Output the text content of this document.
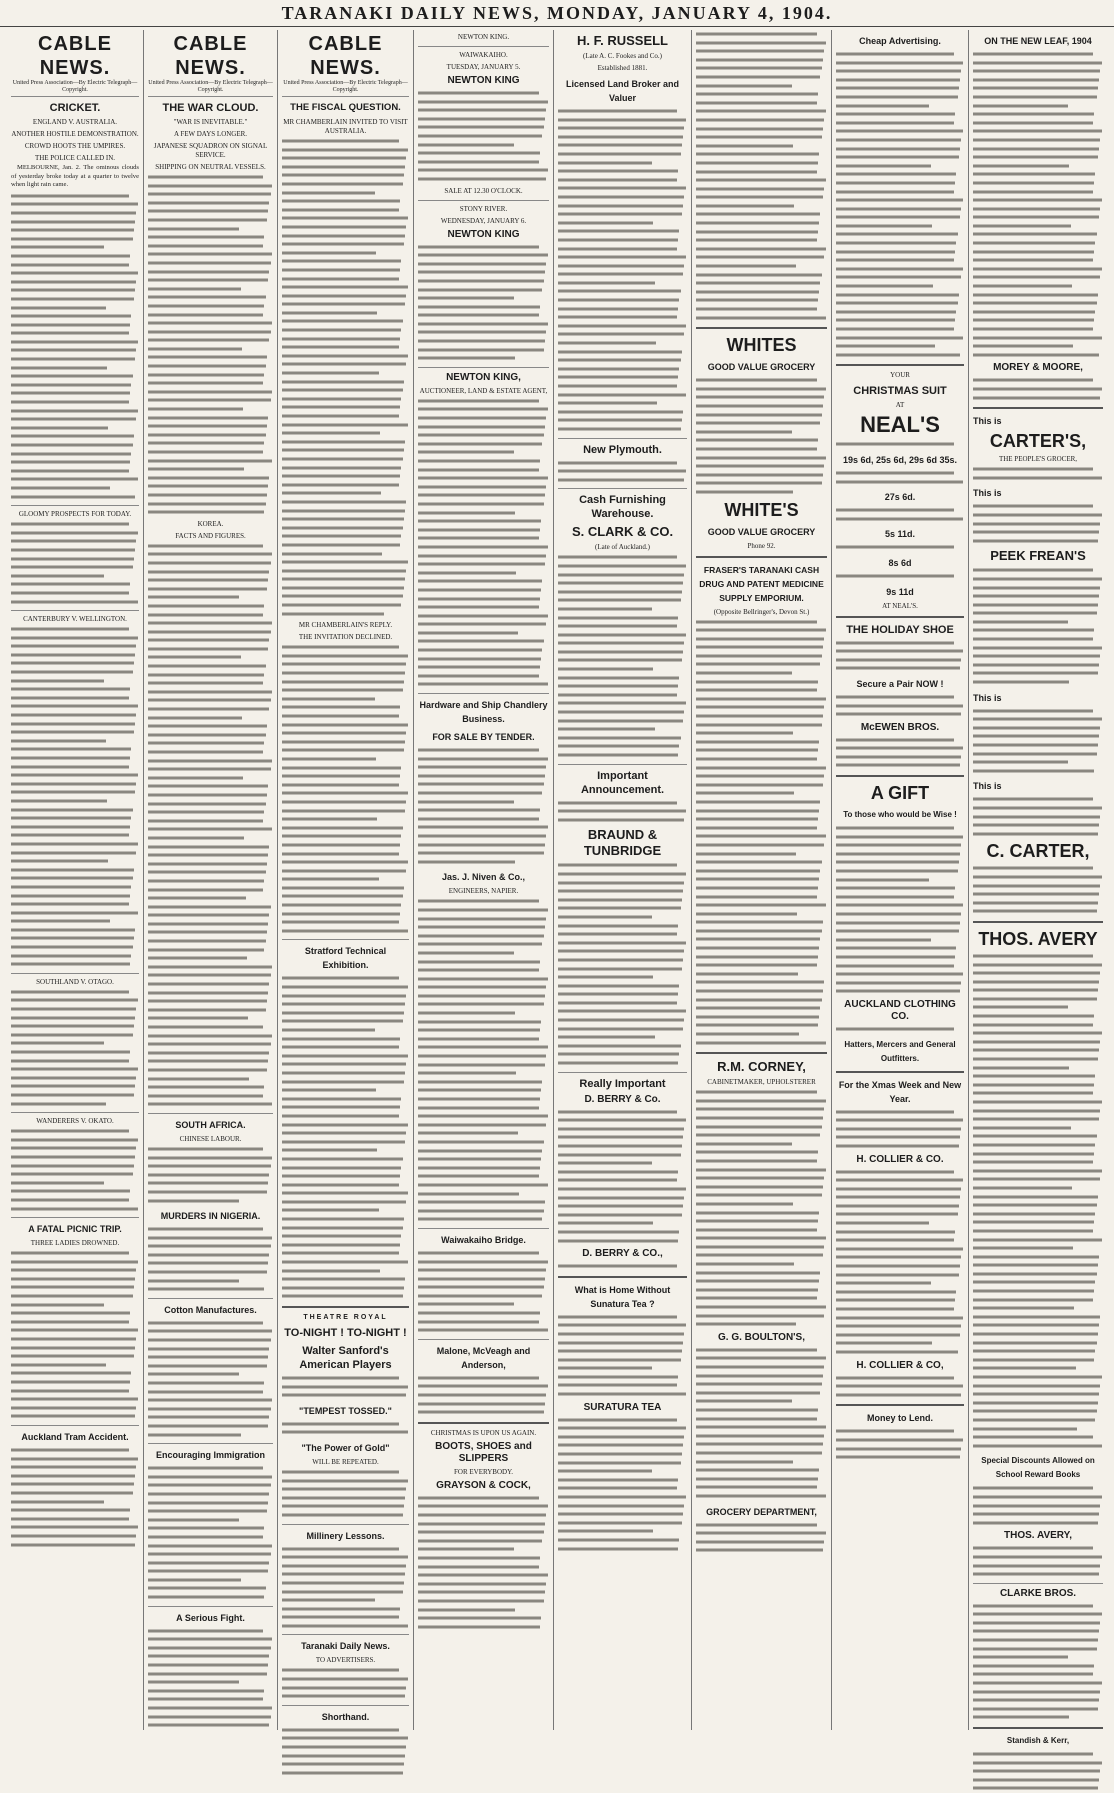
TARANAKI DAILY NEWS, MONDAY, JANUARY 4, 1904.
CABLE NEWS.
United Press Association—By Electric Telegraph—Copyright.
CRICKET.
ENGLAND V. AUSTRALIA.
ANOTHER HOSTILE DEMONSTRATION.
CROWD HOOTS THE UMPIRES.
THE POLICE CALLED IN.

MELBOURNE, Jan. 2. The ominous clouds of yesterday broke today at a quarter to twelve when light rain came.

GLOOMY PROSPECTS FOR TODAY.
CANTERBURY V. WELLINGTON.
SOUTHLAND V. OTAGO.
WANDERERS V. OKATO.
A FATAL PICNIC TRIP.
THREE LADIES DROWNED.
Auckland Tram Accident.
CABLE NEWS.
United Press Association—By Electric Telegraph—Copyright.
THE WAR CLOUD.
"WAR IS INEVITABLE."
A FEW DAYS LONGER.
JAPANESE SQUADRON ON SIGNAL SERVICE.
SHIPPING ON NEUTRAL VESSELS.
KOREA.
FACTS AND FIGURES.
SOUTH AFRICA.
CHINESE LABOUR.
MURDERS IN NIGERIA.
Cotton Manufactures.
Encouraging Immigration
A Serious Fight.
CABLE NEWS.
United Press Association—By Electric Telegraph—Copyright.
THE FISCAL QUESTION.
MR CHAMBERLAIN INVITED TO VISIT AUSTRALIA.
MR CHAMBERLAIN'S REPLY.
THE INVITATION DECLINED.
Stratford Technical Exhibition.
THEATRE ROYAL
TO-NIGHT ! TO-NIGHT !
Walter Sanford's American Players
"TEMPEST TOSSED."
"The Power of Gold"
WILL BE REPEATED.
Millinery Lessons.
Taranaki Daily News.
TO ADVERTISERS.
Shorthand.
NEWTON KING.
WAIWAKAIHO.
TUESDAY, JANUARY 5.
NEWTON KING
SALE AT 12.30 O'CLOCK.
STONY RIVER.
WEDNESDAY, JANUARY 6.
NEWTON KING
NEWTON KING,
AUCTIONEER, LAND & ESTATE AGENT,
Hardware and Ship Chandlery Business.
FOR SALE BY TENDER.
Jas. J. Niven & Co.,
ENGINEERS, NAPIER.
Waiwakaiho Bridge.
Malone, McVeagh and Anderson,
CHRISTMAS IS UPON US AGAIN.
BOOTS, SHOES and SLIPPERS
FOR EVERYBODY.
GRAYSON & COCK,
H. F. RUSSELL
(Late A. C. Fookes and Co.)
Established 1881.
Licensed Land Broker and Valuer
New Plymouth.
Cash Furnishing Warehouse.
S. CLARK & CO.
(Late of Auckland.)
Important Announcement.
BRAUND & TUNBRIDGE
Really Important
D. BERRY & Co.
D. BERRY & CO.,
What is Home Without Sunatura Tea ?
SURATURA TEA
WHITES
GOOD VALUE GROCERY
WHITE'S
GOOD VALUE GROCERY
Phone 92.
FRASER'S TARANAKI CASH DRUG AND PATENT MEDICINE SUPPLY EMPORIUM.
(Opposite Bellringer's, Devon St.)
R.M. CORNEY,
CABINETMAKER, UPHOLSTERER
G. G. BOULTON'S,
GROCERY DEPARTMENT,
Cheap Advertising.
YOUR
CHRISTMAS SUIT
AT
NEAL'S
19s 6d, 25s 6d, 29s 6d 35s.
27s 6d.
5s 11d.
8s 6d
9s 11d
AT NEAL'S.
THE HOLIDAY SHOE
Secure a Pair NOW !
McEWEN BROS.
A GIFT
To those who would be Wise !
AUCKLAND CLOTHING CO.
Hatters, Mercers and General Outfitters.
For the Xmas Week and New Year.
H. COLLIER & CO.
H. COLLIER & CO,
Money to Lend.
ON THE NEW LEAF, 1904
MOREY & MOORE,
This is
CARTER'S,
THE PEOPLE'S GROCER,
This is
PEEK FREAN'S
This is
This is
C. CARTER,
THOS. AVERY
Special Discounts Allowed on School Reward Books
THOS. AVERY,
CLARKE BROS.
Standish & Kerr,
